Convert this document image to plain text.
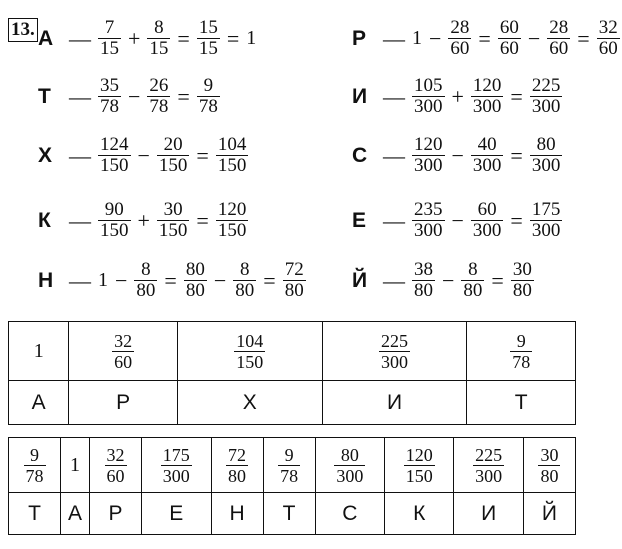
13.
1	$\frac{32}{60}$	$\frac{104}{150}$	$\frac{225}{300}$	$\frac{9}{78}$

А	Р	Х	И	Т
$\frac{9}{78}$	1	$\frac{32}{60}$	$\frac{175}{300}$	$\frac{72}{80}$	$\frac{9}{78}$	$\frac{80}{300}$	$\frac{120}{150}$	$\frac{225}{300}$	$\frac{30}{80}$

Т	А	Р	Е	Н	Т	С	К	И	Й
А — $\frac{7}{15} + \frac{8}{15} = \frac{15}{15} = 1$
Т — $\frac{35}{78} - \frac{26}{78} = \frac{9}{78}$
Х — $\frac{124}{150} - \frac{20}{150} = \frac{104}{150}$
К — $\frac{90}{150} + \frac{30}{150} = \frac{120}{150}$
Н — $1 - \frac{8}{80} = \frac{80}{80} - \frac{8}{80} = \frac{72}{80}$
Р — $1 - \frac{28}{60} = \frac{60}{60} - \frac{28}{60} = \frac{32}{60}$
И — $\frac{105}{300} + \frac{120}{300} = \frac{225}{300}$
С — $\frac{120}{300} - \frac{40}{300} = \frac{80}{300}$
Е — $\frac{235}{300} - \frac{60}{300} = \frac{175}{300}$
Й — $\frac{38}{80} - \frac{8}{80} = \frac{30}{80}$
